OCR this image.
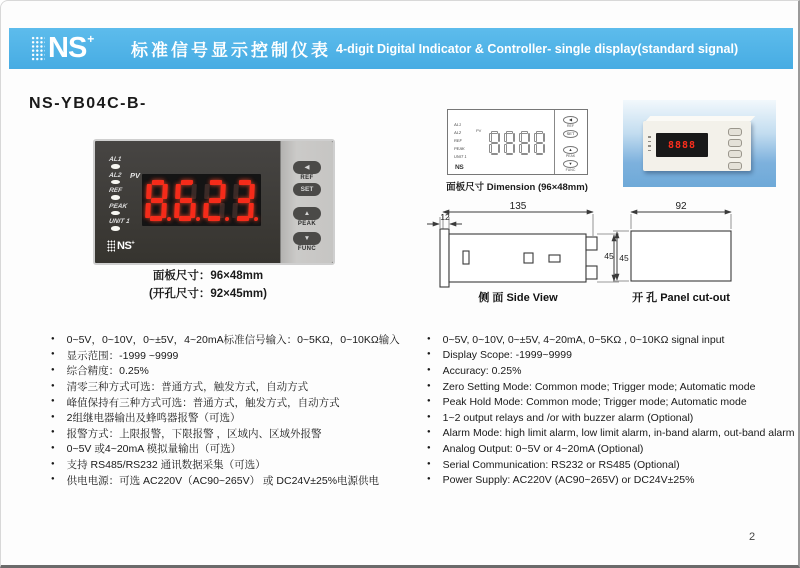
NS +
标准信号显示控制仪表 4-digit Digital Indicator & Controller- single display(standard signal)
NS-YB04C-B-
AL1
AL2
REF
PEAK
UNIT 1
PV
NS+
◀
REF
SET
▲
PEAK
▼
FUNC
面板尺寸：96×48mm
(开孔尺寸：92×45mm)
AL1
AL2
REF
PEAK
UNIT 1
PV
◀
REF
SET
▲
PEAK
▼
FUNC
NS
面板尺寸 Dimension (96×48mm)
8888
135
12
45
侧 面 Side View
92
45
开 孔 Panel cut-out
● 0~5V，0~10V，0~±5V，4~20mA标准信号输入：0~5KΩ，0~10KΩ输入
● 显示范围：-1999 ~9999
● 综合精度：0.25%
● 清零三种方式可选：普通方式，触发方式，自动方式
● 峰值保持有三种方式可选：普通方式，触发方式，自动方式
● 2组继电器输出及蜂鸣器报警（可选）
● 报警方式：上限报警，下限报警 ，区域内、区域外报警
● 0~5V 或4~20mA 模拟量输出（可选）
● 支持 RS485/RS232 通讯数据采集（可选）
● 供电电源：可选 AC220V（AC90~265V） 或 DC24V±25%电源供电
● 0~5V, 0~10V, 0~±5V, 4~20mA, 0~5KΩ , 0~10KΩ signal input
● Display Scope: -1999~9999
● Accuracy: 0.25%
● Zero Setting Mode: Common mode; Trigger mode; Automatic mode
● Peak Hold Mode: Common mode; Trigger mode; Automatic mode
● 1~2 output relays and /or with buzzer alarm (Optional)
● Alarm Mode: high limit alarm, low limit alarm, in-band alarm, out-band alarm
● Analog Output: 0~5V or 4~20mA (Optional)
● Serial Communication: RS232 or RS485 (Optional)
● Power Supply: AC220V (AC90~265V) or DC24V±25%
2
